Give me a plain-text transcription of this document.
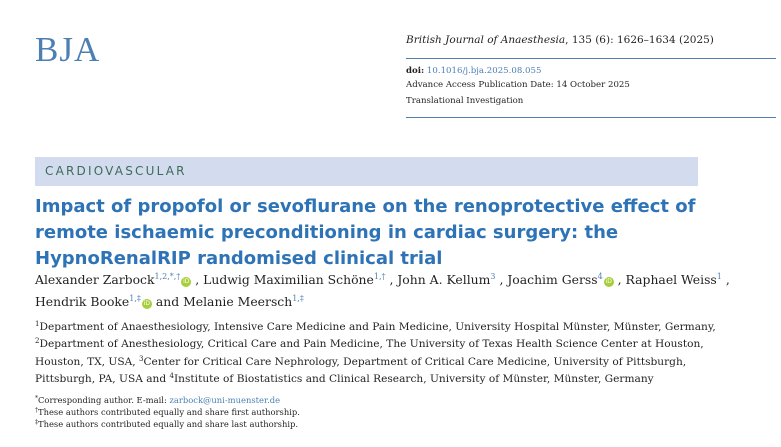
BJA	British Journal of Anaesthesia, 135 (6): 1626–1634 (2025)
doi: 10.1016/j.bja.2025.08.055
Advance Access Publication Date: 14 October 2025
Translational Investigation
CARDIOVASCULAR
Impact of propofol or sevoflurane on the renoprotective effect of remote ischaemic preconditioning in cardiac surgery: the HypnoRenalRIP randomised clinical trial

Alexander Zarbock$^{1,2,*,\dagger}$iD , Ludwig Maximilian Schöne$^{1,\dagger}$ , John A. Kellum$^3$ , Joachim Gerss$^4$iD , Raphael Weiss$^1$ , Hendrik Booke$^{1,\ddagger}$iD and Melanie Meersch$^{1,\ddagger}$

$^1$Department of Anaesthesiology, Intensive Care Medicine and Pain Medicine, University Hospital Münster, Münster, Germany, $^2$Department of Anesthesiology, Critical Care and Pain Medicine, The University of Texas Health Science Center at Houston, Houston, TX, USA, $^3$Center for Critical Care Nephrology, Department of Critical Care Medicine, University of Pittsburgh, Pittsburgh, PA, USA and $^4$Institute of Biostatistics and Clinical Research, University of Münster, Münster, Germany

*Corresponding author. E-mail: zarbock@uni-muenster.de
†These authors contributed equally and share first authorship.
‡These authors contributed equally and share last authorship.
